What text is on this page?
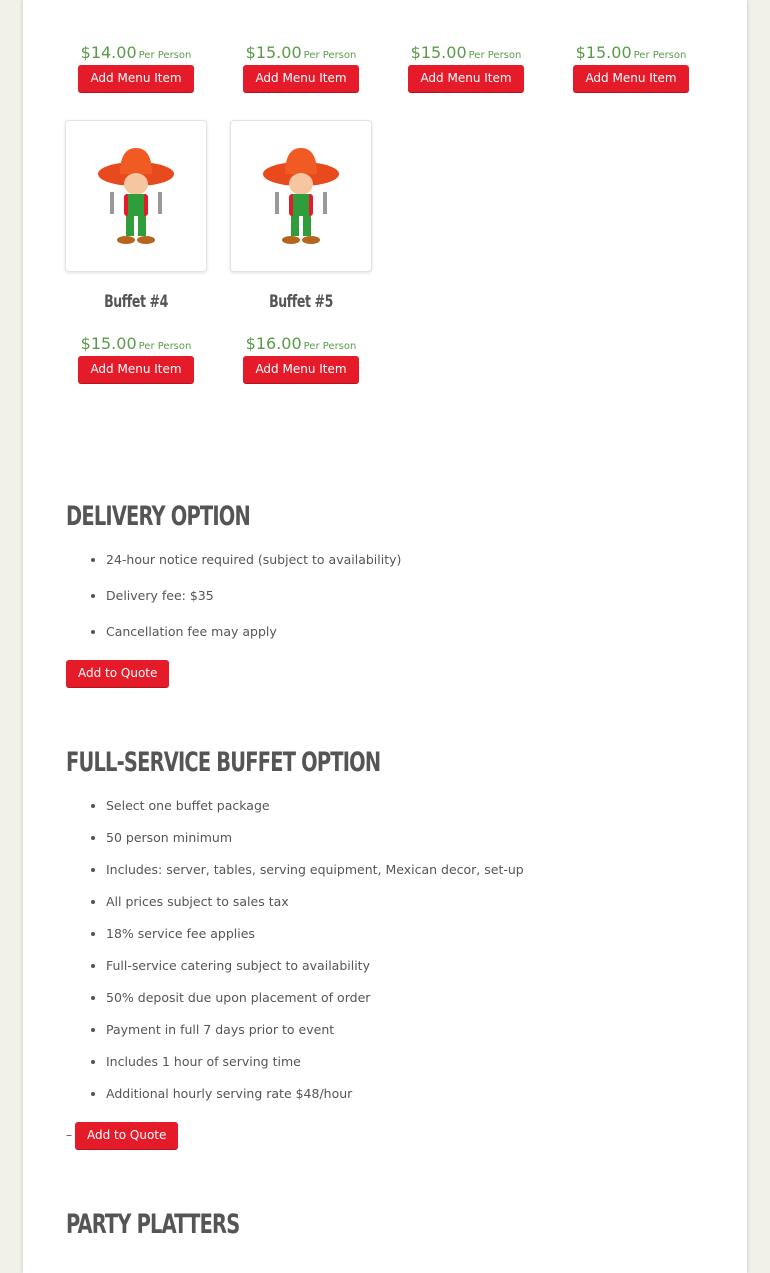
$14.00 Per Person
Add Menu Item
$15.00 Per Person
Add Menu Item
$15.00 Per Person
Add Menu Item
$15.00 Per Person
Add Menu Item
Buffet #4
$15.00 Per Person
Add Menu Item
Buffet #5
$16.00 Per Person
Add Menu Item
DELIVERY OPTION
• 24-hour notice required (subject to availability)
• Delivery fee: $35
• Cancellation fee may apply
Add to Quote
FULL-SERVICE BUFFET OPTION
• Select one buffet package
• 50 person minimum
• Includes: server, tables, serving equipment, Mexican decor, set-up
• All prices subject to sales tax
• 18% service fee applies
• Full-service catering subject to availability
• 50% deposit due upon placement of order
• Payment in full 7 days prior to event
• Includes 1 hour of serving time
• Additional hourly serving rate $48/hour
–	Add to Quote
PARTY PLATTERS
